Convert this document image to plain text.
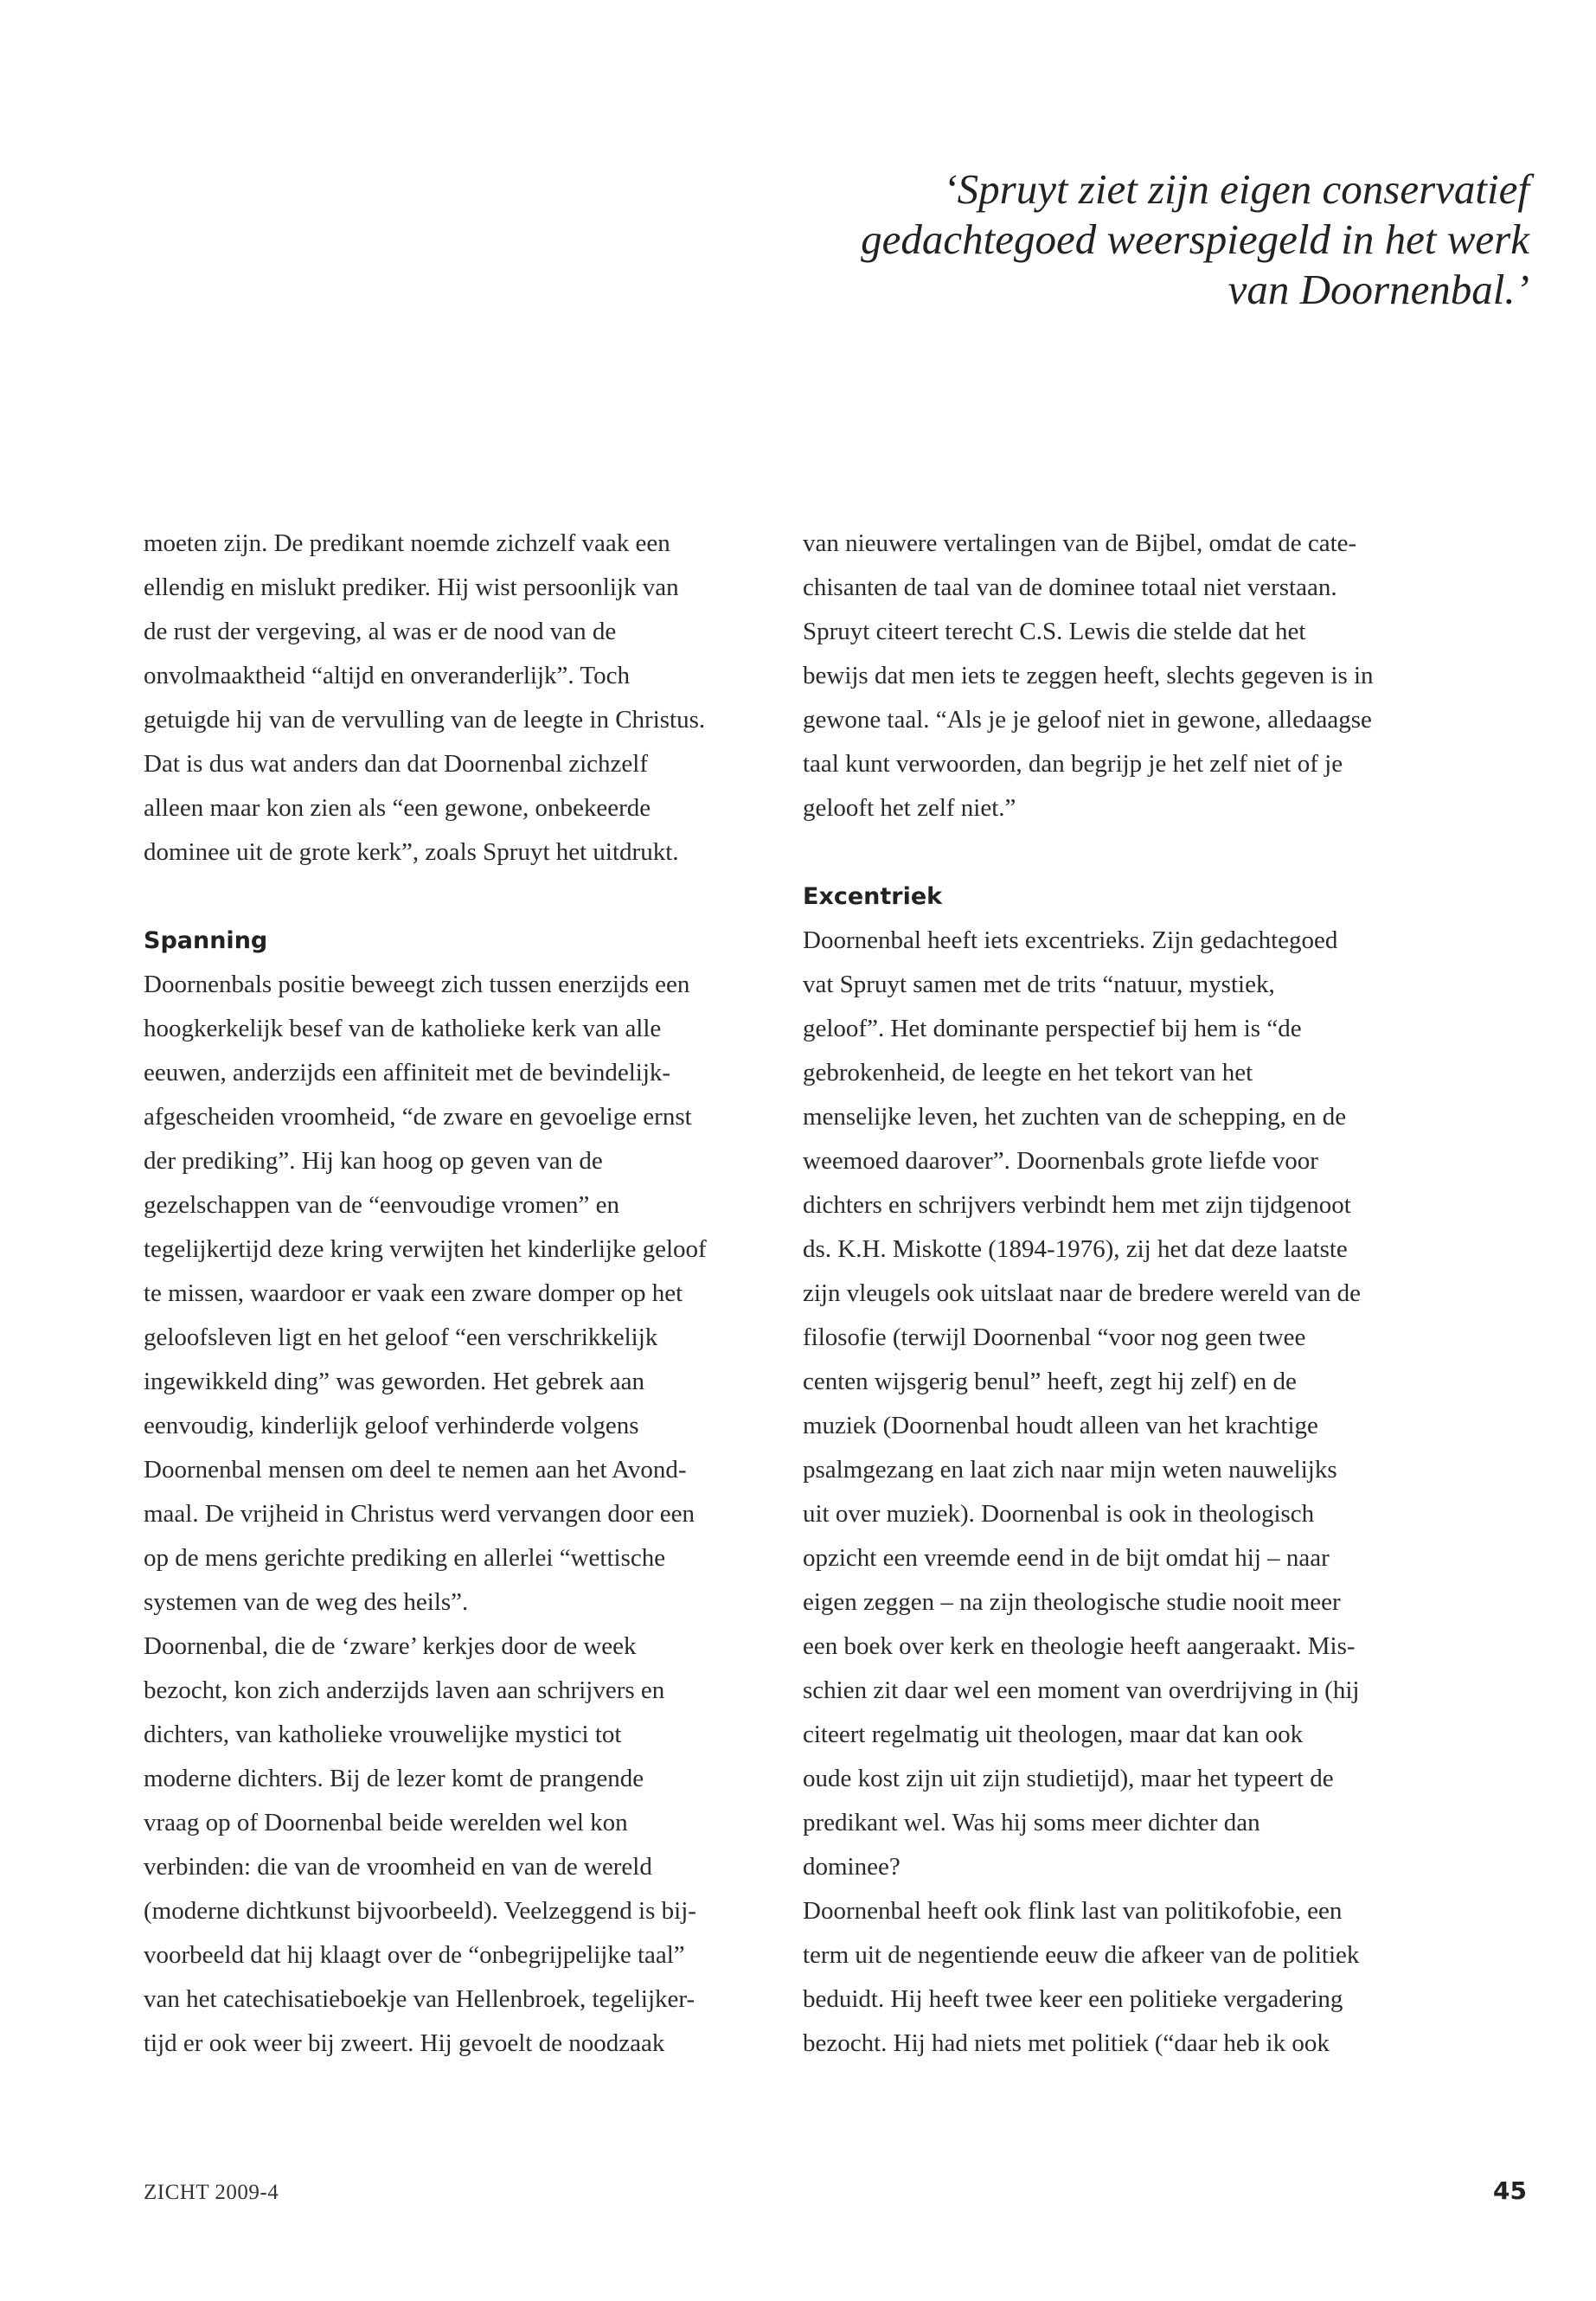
‘Spruyt ziet zijn eigen conservatief
gedachtegoed weerspiegeld in het werk
van Doornenbal.’
moeten zijn. De predikant noemde zichzelf vaak een
ellendig en mislukt prediker. Hij wist persoonlijk van
de rust der vergeving, al was er de nood van de
onvolmaaktheid “altijd en onveranderlijk”. Toch
getuigde hij van de vervulling van de leegte in Christus.
Dat is dus wat anders dan dat Doornenbal zichzelf
alleen maar kon zien als “een gewone, onbekeerde
dominee uit de grote kerk”, zoals Spruyt het uitdrukt.
Spanning
Doornenbals positie beweegt zich tussen enerzijds een
hoogkerkelijk besef van de katholieke kerk van alle
eeuwen, anderzijds een affiniteit met de bevindelijk-
afgescheiden vroomheid, “de zware en gevoelige ernst
der prediking”. Hij kan hoog op geven van de
gezelschappen van de “eenvoudige vromen” en
tegelijkertijd deze kring verwijten het kinderlijke geloof
te missen, waardoor er vaak een zware domper op het
geloofsleven ligt en het geloof “een verschrikkelijk
ingewikkeld ding” was geworden. Het gebrek aan
eenvoudig, kinderlijk geloof verhinderde volgens
Doornenbal mensen om deel te nemen aan het Avond-
maal. De vrijheid in Christus werd vervangen door een
op de mens gerichte prediking en allerlei “wettische
systemen van de weg des heils”.
Doornenbal, die de ‘zware’ kerkjes door de week
bezocht, kon zich anderzijds laven aan schrijvers en
dichters, van katholieke vrouwelijke mystici tot
moderne dichters. Bij de lezer komt de prangende
vraag op of Doornenbal beide werelden wel kon
verbinden: die van de vroomheid en van de wereld
(moderne dichtkunst bijvoorbeeld). Veelzeggend is bij-
voorbeeld dat hij klaagt over de “onbegrijpelijke taal”
van het catechisatieboekje van Hellenbroek, tegelijker-
tijd er ook weer bij zweert. Hij gevoelt de noodzaak
van nieuwere vertalingen van de Bijbel, omdat de cate-
chisanten de taal van de dominee totaal niet verstaan.
Spruyt citeert terecht C.S. Lewis die stelde dat het
bewijs dat men iets te zeggen heeft, slechts gegeven is in
gewone taal. “Als je je geloof niet in gewone, alledaagse
taal kunt verwoorden, dan begrijp je het zelf niet of je
gelooft het zelf niet.”
Excentriek
Doornenbal heeft iets excentrieks. Zijn gedachtegoed
vat Spruyt samen met de trits “natuur, mystiek,
geloof”. Het dominante perspectief bij hem is “de
gebrokenheid, de leegte en het tekort van het
menselijke leven, het zuchten van de schepping, en de
weemoed daarover”. Doornenbals grote liefde voor
dichters en schrijvers verbindt hem met zijn tijdgenoot
ds. K.H. Miskotte (1894-1976), zij het dat deze laatste
zijn vleugels ook uitslaat naar de bredere wereld van de
filosofie (terwijl Doornenbal “voor nog geen twee
centen wijsgerig benul” heeft, zegt hij zelf) en de
muziek (Doornenbal houdt alleen van het krachtige
psalmgezang en laat zich naar mijn weten nauwelijks
uit over muziek). Doornenbal is ook in theologisch
opzicht een vreemde eend in de bijt omdat hij – naar
eigen zeggen – na zijn theologische studie nooit meer
een boek over kerk en theologie heeft aangeraakt. Mis-
schien zit daar wel een moment van overdrijving in (hij
citeert regelmatig uit theologen, maar dat kan ook
oude kost zijn uit zijn studietijd), maar het typeert de
predikant wel. Was hij soms meer dichter dan
dominee?
Doornenbal heeft ook flink last van politikofobie, een
term uit de negentiende eeuw die afkeer van de politiek
beduidt. Hij heeft twee keer een politieke vergadering
bezocht. Hij had niets met politiek (“daar heb ik ook
ZICHT 2009-4	45
